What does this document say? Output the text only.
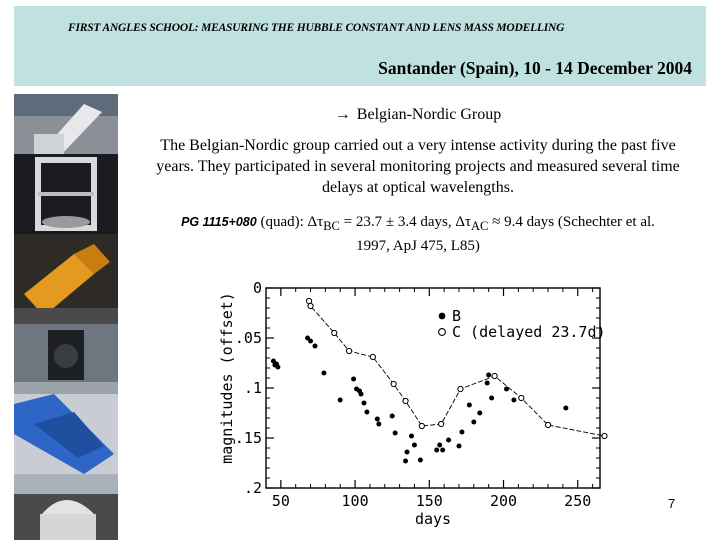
FIRST ANGLES SCHOOL: MEASURING THE HUBBLE CONSTANT AND LENS MASS MODELLING
Santander (Spain), 10 - 14 December 2004
→ Belgian-Nordic Group
The Belgian-Nordic group carried out a very intense activity during the past five
years. They participated in several monitoring projects and measured several time
delays at optical wavelengths.
PG 1115+080 (quad): $\Delta\tau_{BC} = 23.7 \pm 3.4$ days, $\Delta\tau_{AC} \approx 9.4$ days (Schechter et al.
1997, ApJ 475, L85)
50	100	150	200	250
0
.05
.1
.15
.2
days
magnitudes (offset)	B
C (delayed 23.7d)
7
